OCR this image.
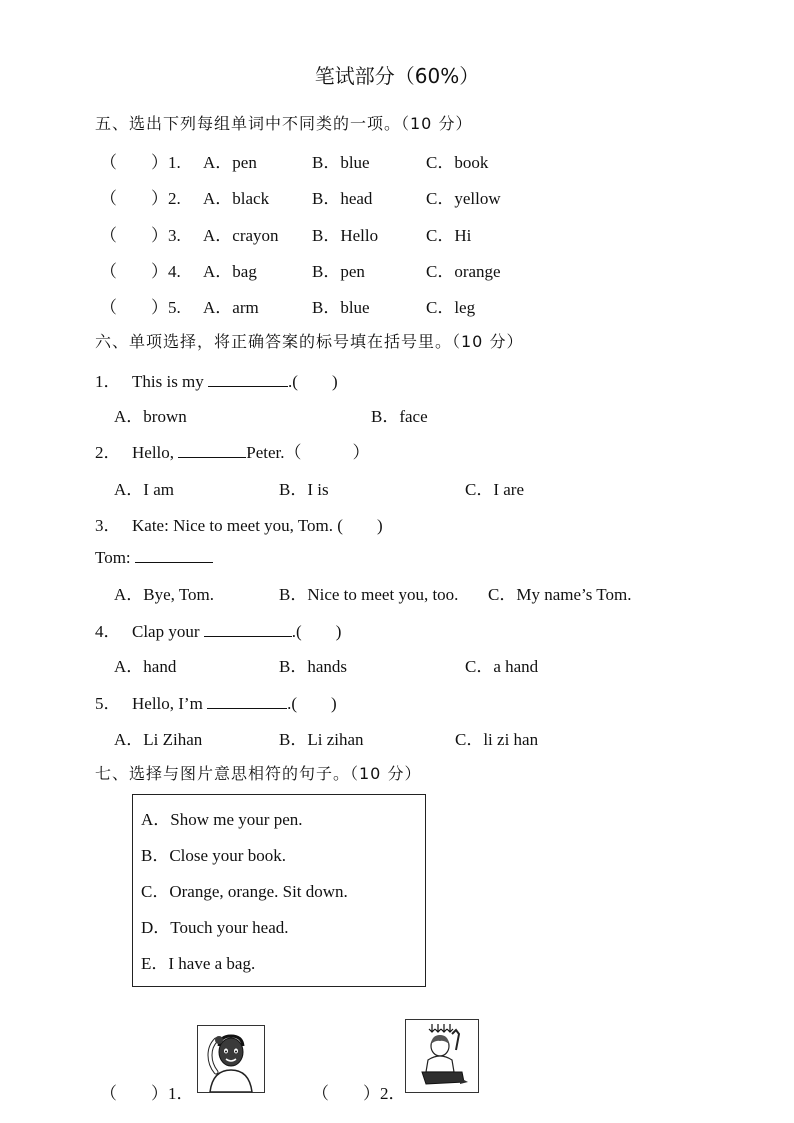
笔试部分（60%）
五、选出下列每组单词中不同类的一项。（10 分）
（　　）1. A．pen	B．blue	C．book
（　　）2. A．black	B．head	C．yellow
（　　）3. A．crayon B．Hello	C．Hi
（　　）4. A．bag	B．pen	C．orange
（　　）5. A．arm	B．blue	C．leg
六、单项选择，将正确答案的标号填在括号里。（10 分）
1． This is my	.(　　)
A．brown	B．face
2． Hello,	Peter.（　　　）
A．I am	B．I is	C．I are
3． Kate: Nice to meet you, Tom. (　　)
Tom:
A．Bye, Tom.	B．Nice to meet you, too. C．My name’s Tom.
4． Clap your	.(　　)
A．hand	B．hands	C．a hand
5． Hello, I’m	.(　　)
A．Li Zihan	B．Li zihan	C．li zi han
七、选择与图片意思相符的句子。（10 分）
A．Show me your pen.
B．Close your book.
C．Orange, orange. Sit down.
D．Touch your head.
E．I have a bag.
（　　）1．	（　　）2．
